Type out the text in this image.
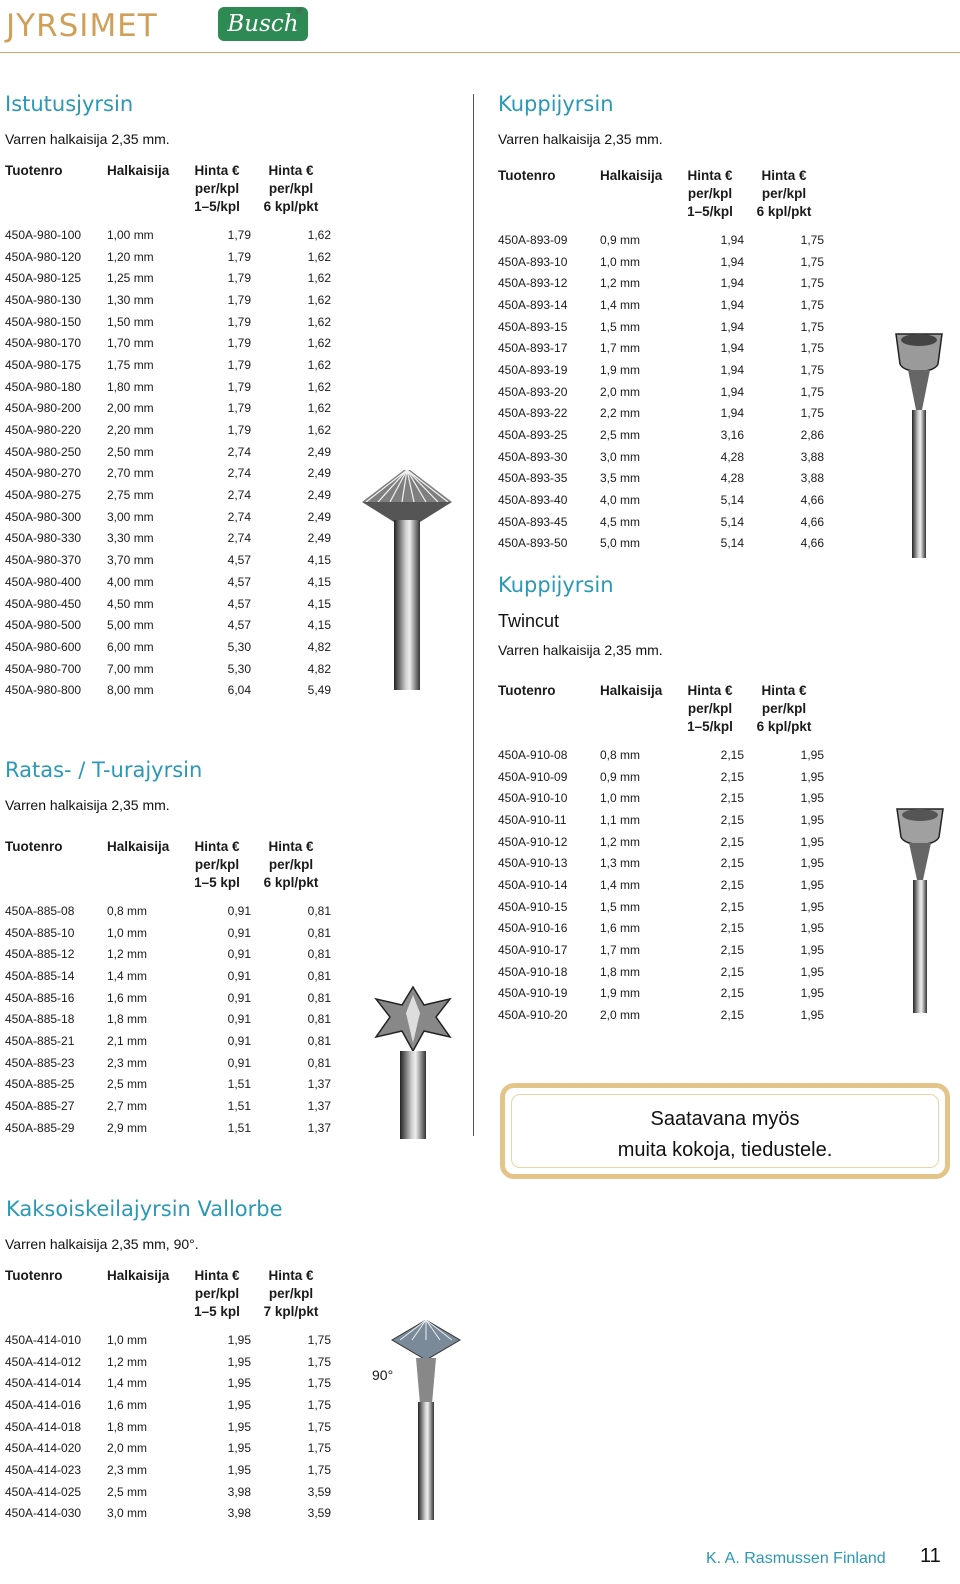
JYRSIMET	Busch
®
Istutusjyrsin
Varren halkaisija 2,35 mm.
Tuotenro	Halkaisija	Hinta €
per/kpl
1–5/kpl	Hinta €
per/kpl
6 kpl/pkt
450A-980-100	1,00 mm	1,79	1,62
450A-980-120	1,20 mm	1,79	1,62
450A-980-125	1,25 mm	1,79	1,62
450A-980-130	1,30 mm	1,79	1,62
450A-980-150	1,50 mm	1,79	1,62
450A-980-170	1,70 mm	1,79	1,62
450A-980-175	1,75 mm	1,79	1,62
450A-980-180	1,80 mm	1,79	1,62
450A-980-200	2,00 mm	1,79	1,62
450A-980-220	2,20 mm	1,79	1,62
450A-980-250	2,50 mm	2,74	2,49
450A-980-270	2,70 mm	2,74	2,49
450A-980-275	2,75 mm	2,74	2,49
450A-980-300	3,00 mm	2,74	2,49
450A-980-330	3,30 mm	2,74	2,49
450A-980-370	3,70 mm	4,57	4,15
450A-980-400	4,00 mm	4,57	4,15
450A-980-450	4,50 mm	4,57	4,15
450A-980-500	5,00 mm	4,57	4,15
450A-980-600	6,00 mm	5,30	4,82
450A-980-700	7,00 mm	5,30	4,82
450A-980-800	8,00 mm	6,04	5,49
Ratas- / T-urajyrsin
Varren halkaisija 2,35 mm.
Tuotenro	Halkaisija	Hinta €
per/kpl
1–5 kpl	Hinta €
per/kpl
6 kpl/pkt
450A-885-08	0,8 mm	0,91	0,81
450A-885-10	1,0 mm	0,91	0,81
450A-885-12	1,2 mm	0,91	0,81
450A-885-14	1,4 mm	0,91	0,81
450A-885-16	1,6 mm	0,91	0,81
450A-885-18	1,8 mm	0,91	0,81
450A-885-21	2,1 mm	0,91	0,81
450A-885-23	2,3 mm	0,91	0,81
450A-885-25	2,5 mm	1,51	1,37
450A-885-27	2,7 mm	1,51	1,37
450A-885-29	2,9 mm	1,51	1,37
Kaksoiskeilajyrsin Vallorbe
Varren halkaisija 2,35 mm, 90°.
Tuotenro	Halkaisija	Hinta €
per/kpl
1–5 kpl	Hinta €
per/kpl
7 kpl/pkt
450A-414-010	1,0 mm	1,95	1,75
450A-414-012	1,2 mm	1,95	1,75
450A-414-014	1,4 mm	1,95	1,75
450A-414-016	1,6 mm	1,95	1,75
450A-414-018	1,8 mm	1,95	1,75
450A-414-020	2,0 mm	1,95	1,75
450A-414-023	2,3 mm	1,95	1,75
450A-414-025	2,5 mm	3,98	3,59
450A-414-030	3,0 mm	3,98	3,59
90°
Kuppijyrsin
Varren halkaisija 2,35 mm.
Tuotenro	Halkaisija	Hinta €
per/kpl
1–5/kpl	Hinta €
per/kpl
6 kpl/pkt
450A-893-09	0,9 mm	1,94	1,75
450A-893-10	1,0 mm	1,94	1,75
450A-893-12	1,2 mm	1,94	1,75
450A-893-14	1,4 mm	1,94	1,75
450A-893-15	1,5 mm	1,94	1,75
450A-893-17	1,7 mm	1,94	1,75
450A-893-19	1,9 mm	1,94	1,75
450A-893-20	2,0 mm	1,94	1,75
450A-893-22	2,2 mm	1,94	1,75
450A-893-25	2,5 mm	3,16	2,86
450A-893-30	3,0 mm	4,28	3,88
450A-893-35	3,5 mm	4,28	3,88
450A-893-40	4,0 mm	5,14	4,66
450A-893-45	4,5 mm	5,14	4,66
450A-893-50	5,0 mm	5,14	4,66
Kuppijyrsin
Twincut
Varren halkaisija 2,35 mm.
Tuotenro	Halkaisija	Hinta €
per/kpl
1–5/kpl	Hinta €
per/kpl
6 kpl/pkt
450A-910-08	0,8 mm	2,15	1,95
450A-910-09	0,9 mm	2,15	1,95
450A-910-10	1,0 mm	2,15	1,95
450A-910-11	1,1 mm	2,15	1,95
450A-910-12	1,2 mm	2,15	1,95
450A-910-13	1,3 mm	2,15	1,95
450A-910-14	1,4 mm	2,15	1,95
450A-910-15	1,5 mm	2,15	1,95
450A-910-16	1,6 mm	2,15	1,95
450A-910-17	1,7 mm	2,15	1,95
450A-910-18	1,8 mm	2,15	1,95
450A-910-19	1,9 mm	2,15	1,95
450A-910-20	2,0 mm	2,15	1,95
Saatavana myös
muita kokoja, tiedustele.
K. A. Rasmussen Finland 11
